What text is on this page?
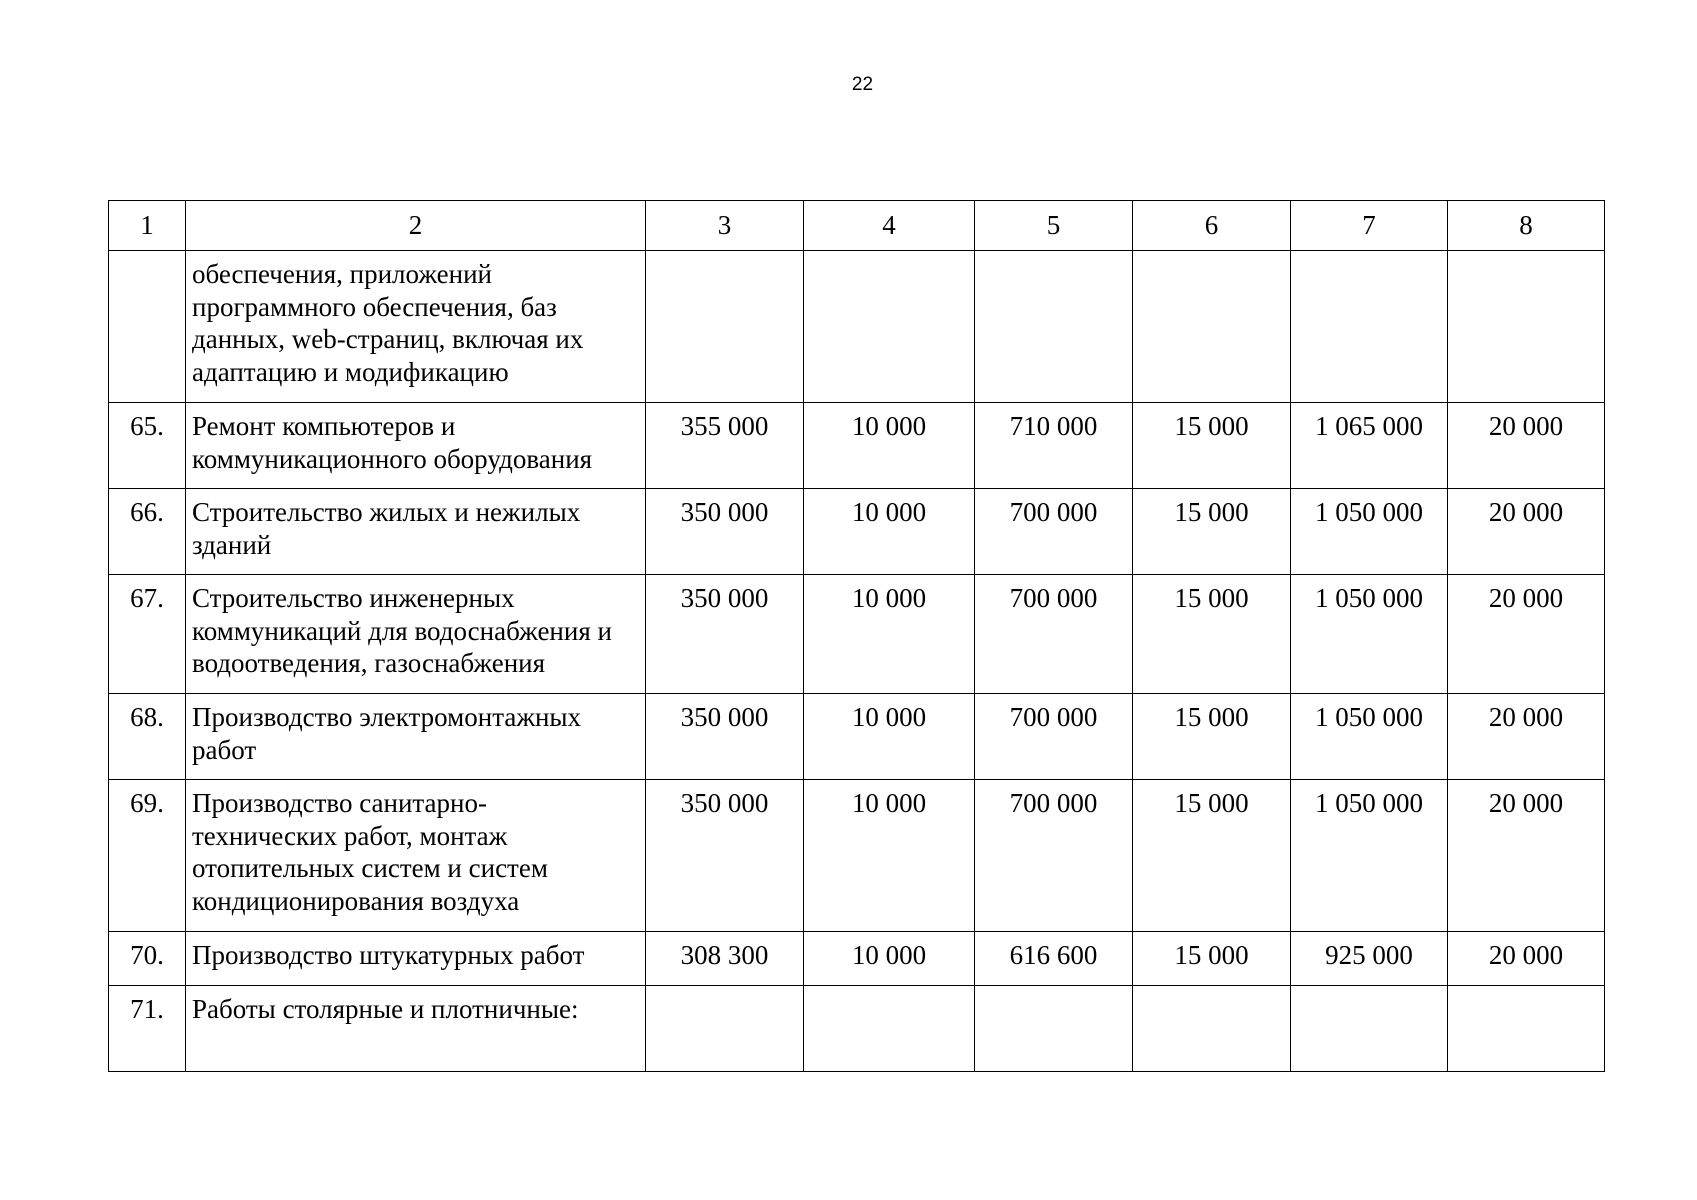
22
1	2	3	4	5	6	7	8

	обеспечения, приложений
программного обеспечения, баз
данных, web-страниц, включая их
адаптацию и модификацию						

65.	Ремонт компьютеров и
коммуникационного оборудования	355 000	10 000	710 000	15 000	1 065 000	20 000
66.	Строительство жилых и нежилых
зданий	350 000	10 000	700 000	15 000	1 050 000	20 000
67.	Строительство инженерных
коммуникаций для водоснабжения и
водоотведения, газоснабжения	350 000	10 000	700 000	15 000	1 050 000	20 000
68.	Производство электромонтажных
работ	350 000	10 000	700 000	15 000	1 050 000	20 000
69.	Производство санитарно-
технических работ, монтаж
отопительных систем и систем
кондиционирования воздуха	350 000	10 000	700 000	15 000	1 050 000	20 000
70.	Производство штукатурных работ	308 300	10 000	616 600	15 000	925 000	20 000
71.	Работы столярные и плотничные:						
